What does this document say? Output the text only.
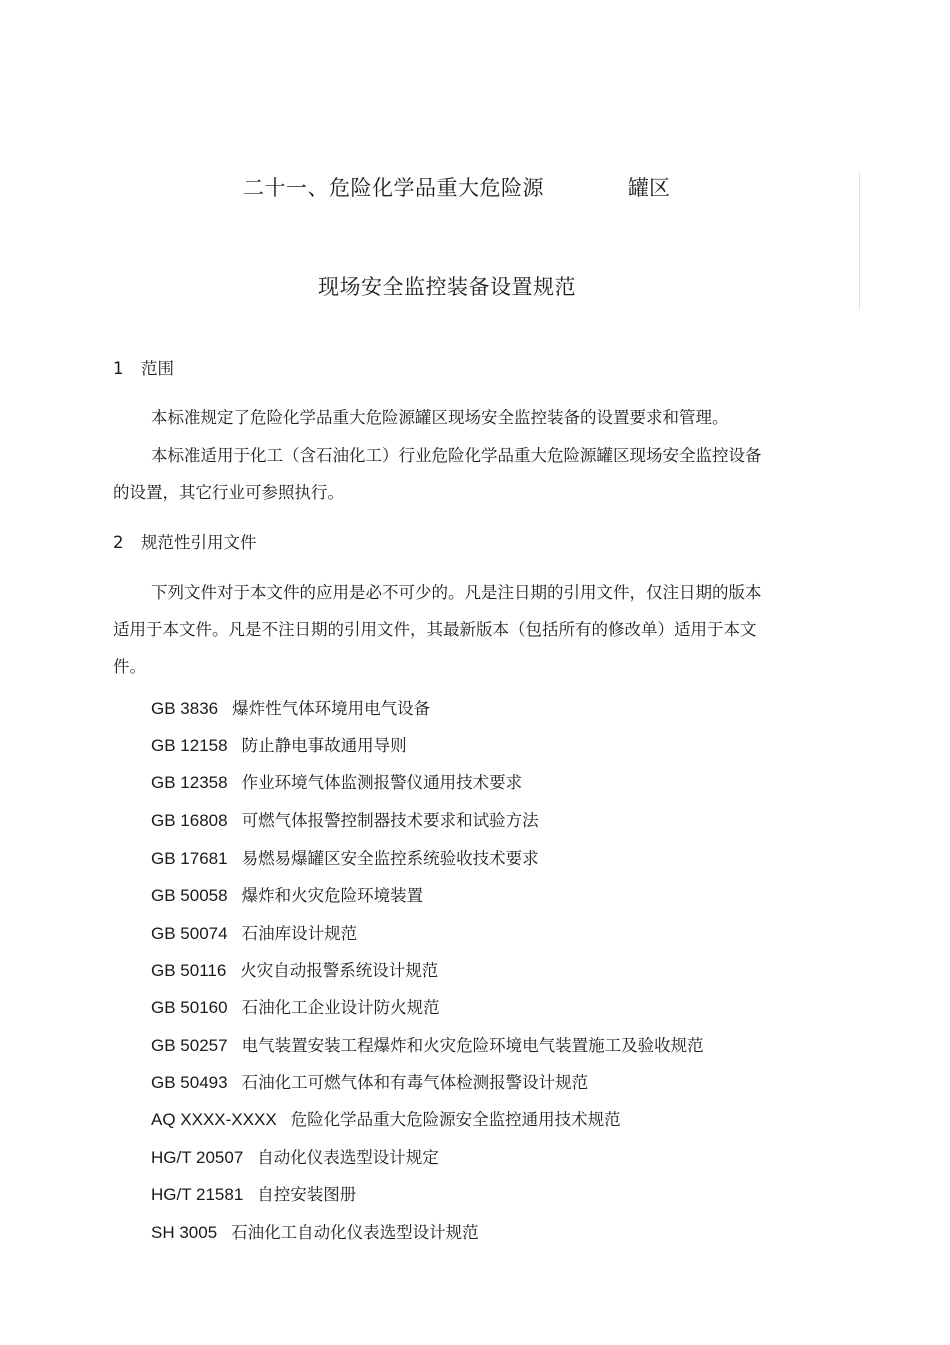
二十一、危险化学品重大危险源	罐区
现场安全监控装备设置规范
1 范围
本标准规定了危险化学品重大危险源罐区现场安全监控装备的设置要求和管理。
本标准适用于化工（含石油化工）行业危险化学品重大危险源罐区现场安全监控设备
的设置，其它行业可参照执行。
2 规范性引用文件
下列文件对于本文件的应用是必不可少的。凡是注日期的引用文件，仅注日期的版本
适用于本文件。凡是不注日期的引用文件，其最新版本（包括所有的修改单）适用于本文
件。
GB 3836 爆炸性气体环境用电气设备
GB 12158 防止静电事故通用导则
GB 12358 作业环境气体监测报警仪通用技术要求
GB 16808 可燃气体报警控制器技术要求和试验方法
GB 17681 易燃易爆罐区安全监控系统验收技术要求
GB 50058 爆炸和火灾危险环境装置
GB 50074 石油库设计规范
GB 50116 火灾自动报警系统设计规范
GB 50160 石油化工企业设计防火规范
GB 50257 电气装置安装工程爆炸和火灾危险环境电气装置施工及验收规范
GB 50493 石油化工可燃气体和有毒气体检测报警设计规范
AQ XXXX-XXXX 危险化学品重大危险源安全监控通用技术规范
HG/T 20507 自动化仪表选型设计规定
HG/T 21581 自控安装图册
SH 3005 石油化工自动化仪表选型设计规范
